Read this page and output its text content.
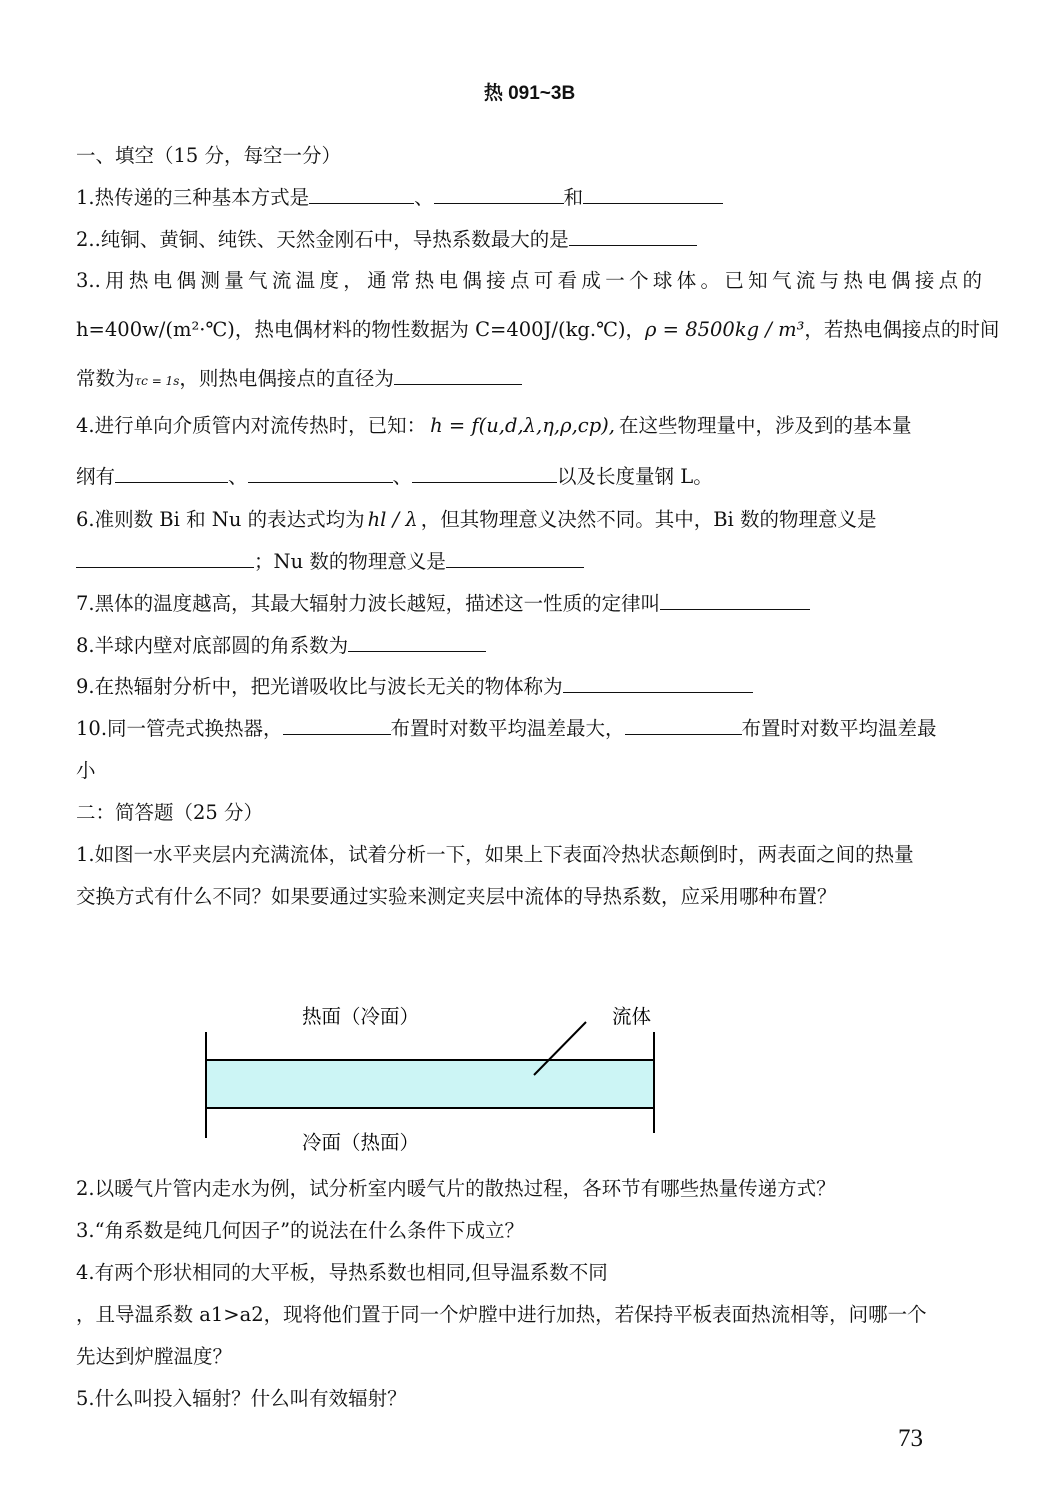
热 091~3B
一、填空（15 分，每空一分）
1.热传递的三种基本方式是	、	和
2..纯铜、黄铜、纯铁、天然金刚石中，导热系数最大的是
3..用热电偶测量气流温度，通常热电偶接点可看成一个球体。已知气流与热电偶接点的
h=400w/(m²·℃)，热电偶材料的物性数据为 C=400J/(kg.℃)，ρ = 8500kg / m³，若热电偶接点的时间
常数为τc = 1s，则热电偶接点的直径为
4.进行单向介质管内对流传热时，已知： h = f(u,d,λ,η,ρ,cp), 在这些物理量中，涉及到的基本量
纲有	、	、	以及长度量钢 L。
6.准则数 Bi 和 Nu 的表达式均为 hl / λ ，但其物理意义决然不同。其中，Bi 数的物理意义是
；Nu 数的物理意义是
7.黑体的温度越高，其最大辐射力波长越短，描述这一性质的定律叫
8.半球内壁对底部圆的角系数为
9.在热辐射分析中，把光谱吸收比与波长无关的物体称为
10.同一管壳式换热器，	布置时对数平均温差最大，	布置时对数平均温差最
小
二：简答题（25 分）
1.如图一水平夹层内充满流体，试着分析一下，如果上下表面冷热状态颠倒时，两表面之间的热量
交换方式有什么不同？如果要通过实验来测定夹层中流体的导热系数，应采用哪种布置？
热面（冷面）	流体
冷面（热面）
2.以暖气片管内走水为例，试分析室内暖气片的散热过程，各环节有哪些热量传递方式？
3.“角系数是纯几何因子”的说法在什么条件下成立？
4.有两个形状相同的大平板，导热系数也相同,但导温系数不同
，且导温系数 a1>a2，现将他们置于同一个炉膛中进行加热，若保持平板表面热流相等，问哪一个
先达到炉膛温度？
5.什么叫投入辐射？什么叫有效辐射？
73
